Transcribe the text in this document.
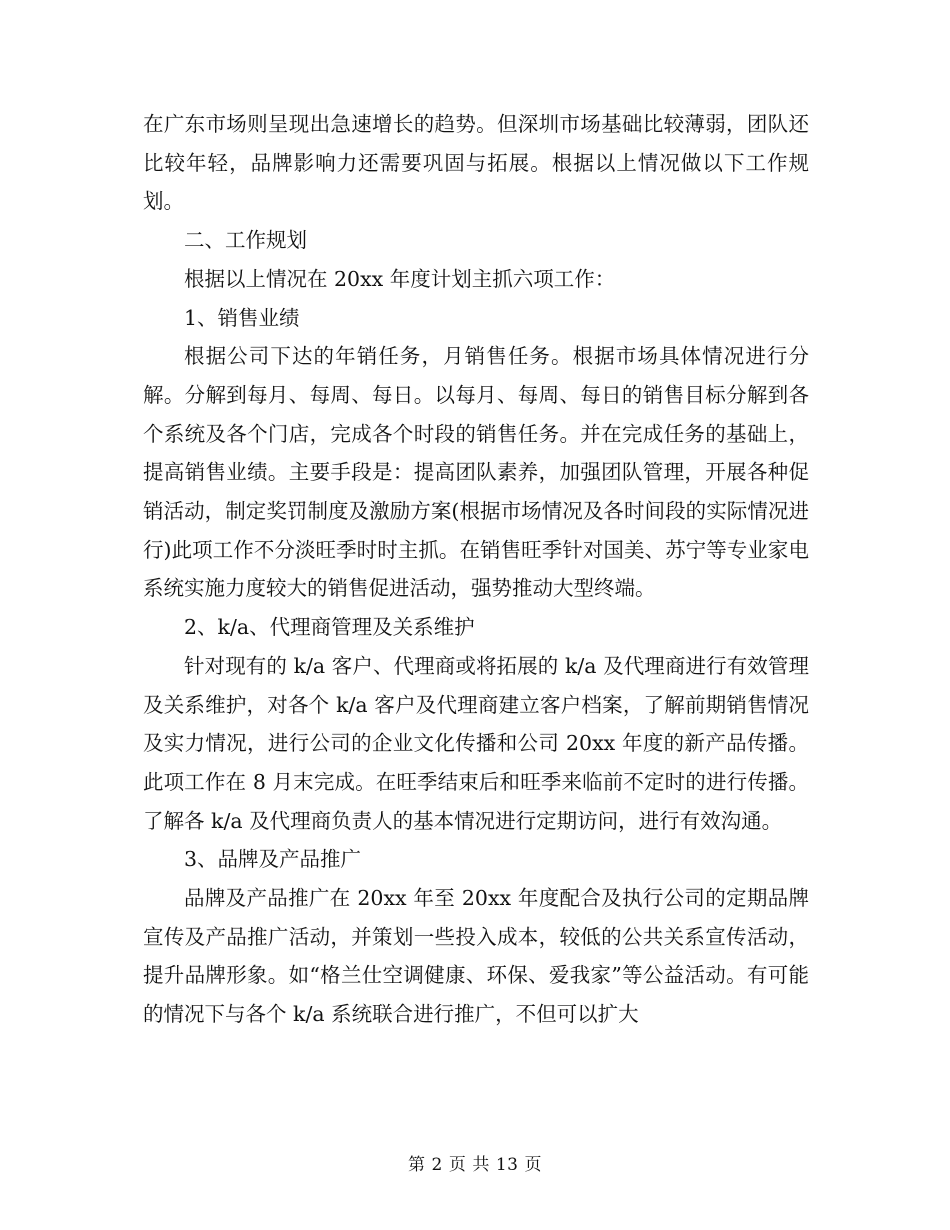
在广东市场则呈现出急速增长的趋势。但深圳市场基础比较薄弱，团队还比较年轻，品牌影响力还需要巩固与拓展。根据以上情况做以下工作规划。

二、工作规划

根据以上情况在 20xx 年度计划主抓六项工作：

1、销售业绩

根据公司下达的年销任务，月销售任务。根据市场具体情况进行分解。分解到每月、每周、每日。以每月、每周、每日的销售目标分解到各个系统及各个门店，完成各个时段的销售任务。并在完成任务的基础上，提高销售业绩。主要手段是：提高团队素养，加强团队管理，开展各种促销活动，制定奖罚制度及激励方案(根据市场情况及各时间段的实际情况进行)此项工作不分淡旺季时时主抓。在销售旺季针对国美、苏宁等专业家电系统实施力度较大的销售促进活动，强势推动大型终端。

2、k/a、代理商管理及关系维护

针对现有的 k/a 客户、代理商或将拓展的 k/a 及代理商进行有效管理及关系维护，对各个 k/a 客户及代理商建立客户档案，了解前期销售情况及实力情况，进行公司的企业文化传播和公司 20xx 年度的新产品传播。此项工作在 8 月末完成。在旺季结束后和旺季来临前不定时的进行传播。了解各 k/a 及代理商负责人的基本情况进行定期访问，进行有效沟通。

3、品牌及产品推广

品牌及产品推广在 20xx 年至 20xx 年度配合及执行公司的定期品牌宣传及产品推广活动，并策划一些投入成本，较低的公共关系宣传活动，提升品牌形象。如“格兰仕空调健康、环保、爱我家”等公益活动。有可能的情况下与各个 k/a 系统联合进行推广，不但可以扩大

第 2 页 共 13 页
